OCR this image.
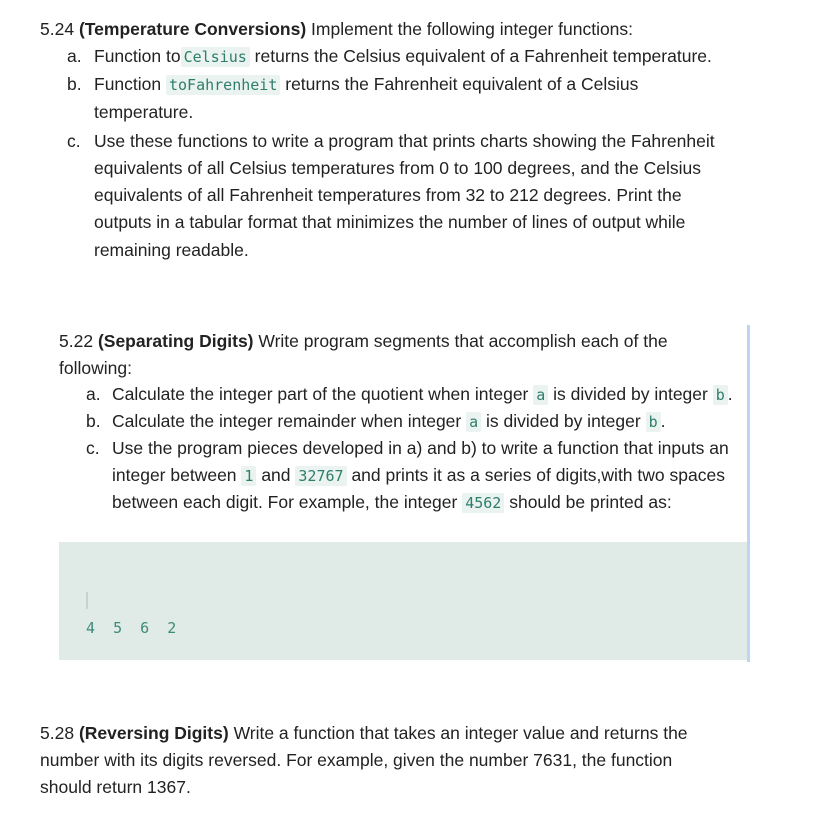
5.24 (Temperature Conversions) Implement the following integer functions:
a. Function to Celsius returns the Celsius equivalent of a Fahrenheit temperature.
b. Function toFahrenheit returns the Fahrenheit equivalent of a Celsius
temperature.
c. Use these functions to write a program that prints charts showing the Fahrenheit
equivalents of all Celsius temperatures from 0 to 100 degrees, and the Celsius
equivalents of all Fahrenheit temperatures from 32 to 212 degrees. Print the
outputs in a tabular format that minimizes the number of lines of output while
remaining readable.
5.22 (Separating Digits) Write program segments that accomplish each of the
following:
a. Calculate the integer part of the quotient when integer a is divided by integer b .
b. Calculate the integer remainder when integer a is divided by integer b .
c. Use the program pieces developed in a) and b) to write a function that inputs an
integer between 1 and 32767 and prints it as a series of digits,with two spaces
between each digit. For example, the integer 4562 should be printed as:
4  5  6  2
5.28 (Reversing Digits) Write a function that takes an integer value and returns the
number with its digits reversed. For example, given the number 7631, the function
should return 1367.
